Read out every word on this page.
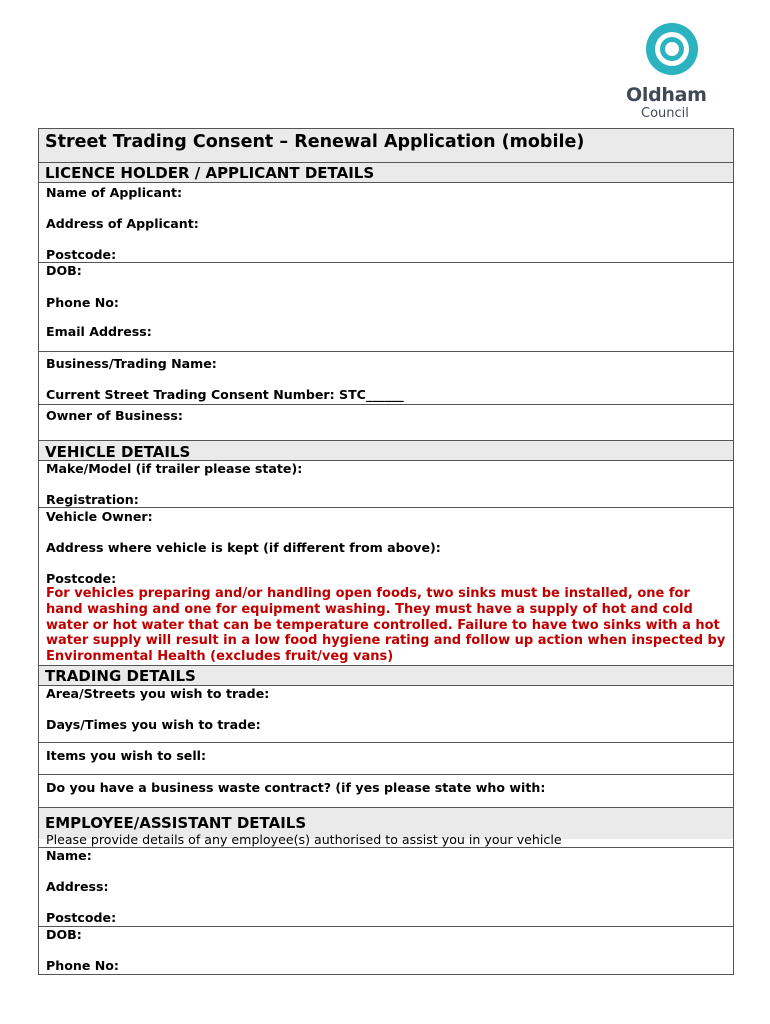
Oldham
Council
Street Trading Consent – Renewal Application (mobile)
LICENCE HOLDER / APPLICANT DETAILS
Name of Applicant:
Address of Applicant:
Postcode:
DOB:
Phone No:
Email Address:
Business/Trading Name:
Current Street Trading Consent Number: STC______
Owner of Business:
VEHICLE DETAILS
Make/Model (if trailer please state):
Registration:
Vehicle Owner:
Address where vehicle is kept (if different from above):
Postcode:
For vehicles preparing and/or handling open foods, two sinks must be installed, one for hand washing and one for equipment washing. They must have a supply of hot and cold water or hot water that can be temperature controlled. Failure to have two sinks with a hot water supply will result in a low food hygiene rating and follow up action when inspected by Environmental Health (excludes fruit/veg vans)
TRADING DETAILS
Area/Streets you wish to trade:
Days/Times you wish to trade:
Items you wish to sell:
Do you have a business waste contract? (if yes please state who with:
EMPLOYEE/ASSISTANT DETAILS
Please provide details of any employee(s) authorised to assist you in your vehicle
Name:
Address:
Postcode:
DOB:
Phone No:
